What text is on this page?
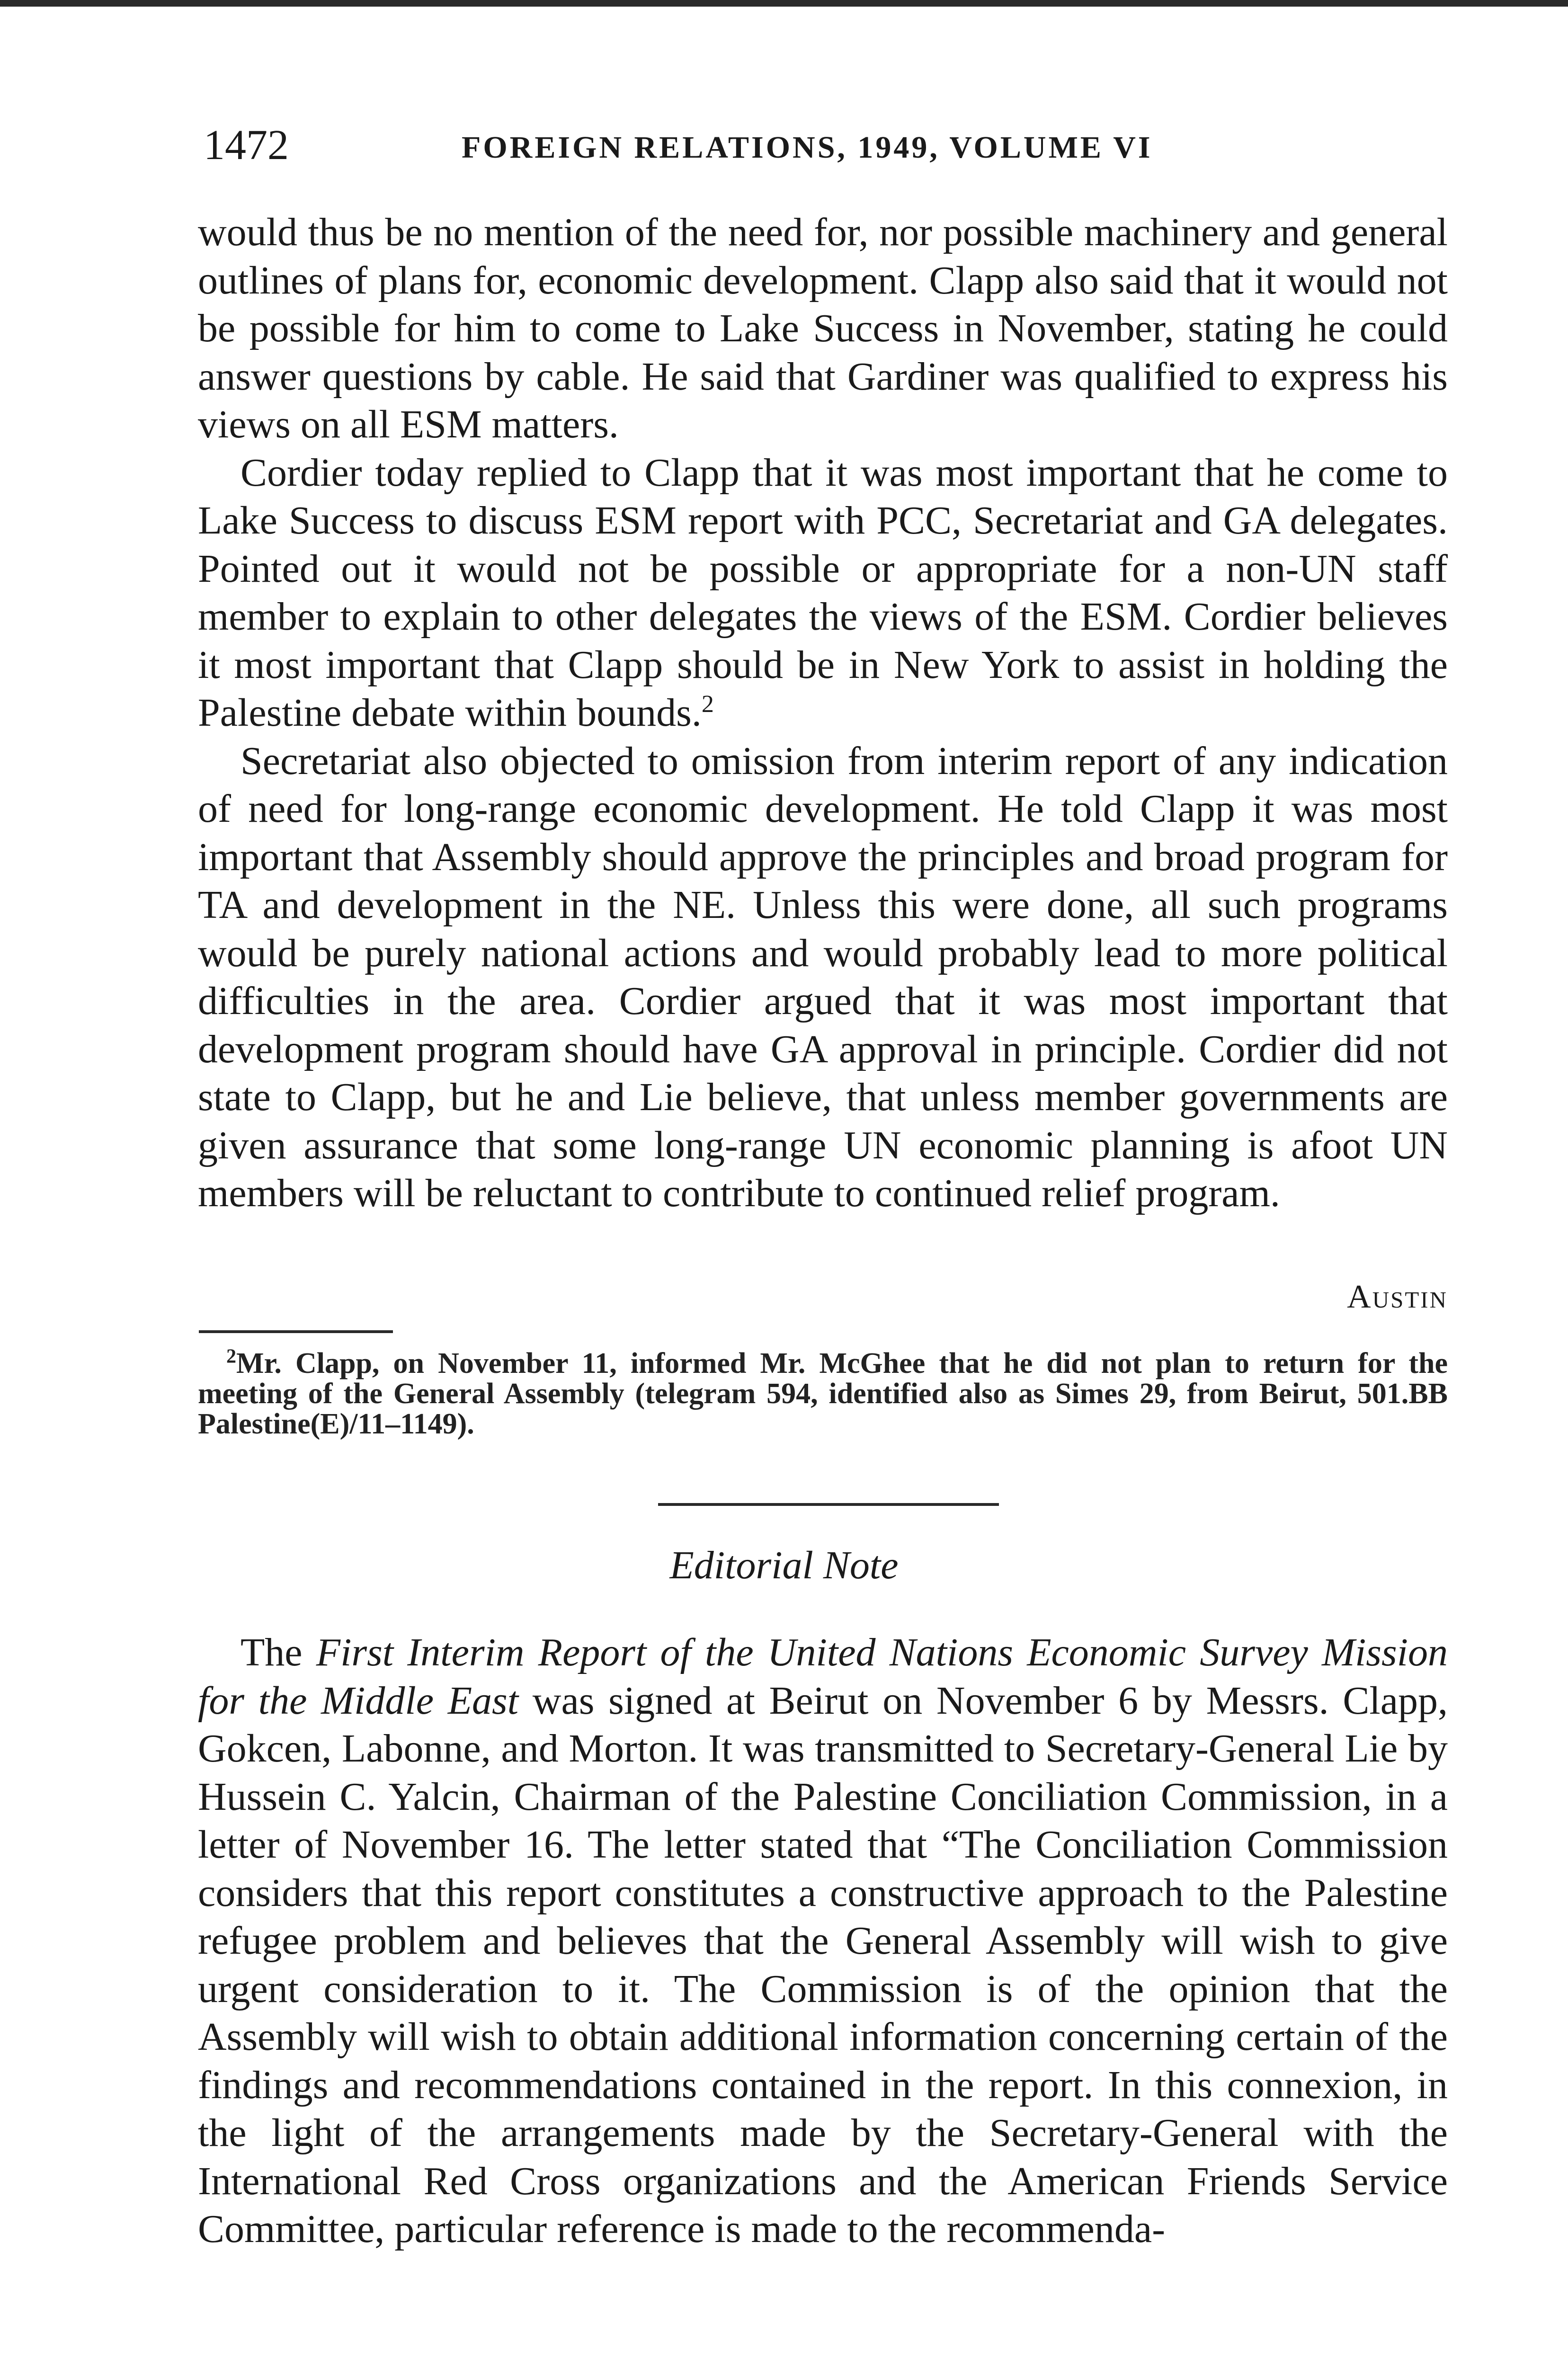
1472	FOREIGN RELATIONS, 1949, VOLUME VI

would thus be no mention of the need for, nor possible machinery and general outlines of plans for, economic development. Clapp also said that it would not be possible for him to come to Lake Success in November, stating he could answer questions by cable. He said that Gardiner was qualified to express his views on all ESM matters.

Cordier today replied to Clapp that it was most important that he come to Lake Success to discuss ESM report with PCC, Secretariat and GA delegates. Pointed out it would not be possible or appropriate for a non-UN staff member to explain to other delegates the views of the ESM. Cordier believes it most important that Clapp should be in New York to assist in holding the Palestine debate within bounds.$^2$

Secretariat also objected to omission from interim report of any indication of need for long-range economic development. He told Clapp it was most important that Assembly should approve the principles and broad program for TA and development in the NE. Unless this were done, all such programs would be purely national actions and would probably lead to more political difficulties in the area. Cordier argued that it was most important that development program should have GA approval in principle. Cordier did not state to Clapp, but he and Lie believe, that unless member governments are given assurance that some long-range UN economic planning is afoot UN members will be reluctant to contribute to continued relief program.

Austin

$^2$Mr. Clapp, on November 11, informed Mr. McGhee that he did not plan to return for the meeting of the General Assembly (telegram 594, identified also as Simes 29, from Beirut, 501.BB Palestine(E)/11–1149).

Editorial Note

The First Interim Report of the United Nations Economic Survey Mission for the Middle East was signed at Beirut on November 6 by Messrs. Clapp, Gokcen, Labonne, and Morton. It was transmitted to Secretary-General Lie by Hussein C. Yalcin, Chairman of the Palestine Conciliation Commission, in a letter of November 16. The letter stated that “The Conciliation Commission considers that this report constitutes a constructive approach to the Palestine refugee problem and believes that the General Assembly will wish to give urgent consideration to it. The Commission is of the opinion that the Assembly will wish to obtain additional information concerning certain of the findings and recommendations contained in the report. In this connexion, in the light of the arrangements made by the Secretary-General with the International Red Cross organizations and the American Friends Service Committee, particular reference is made to the recommenda-
